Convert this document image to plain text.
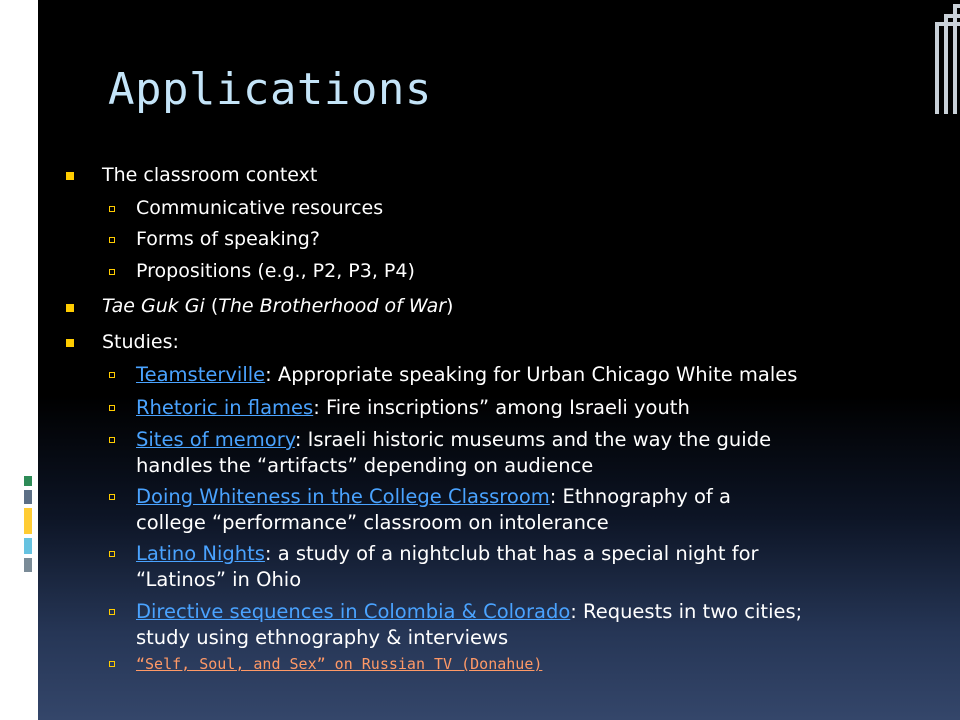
Applications
The classroom context
Communicative resources
Forms of speaking?
Propositions (e.g., P2, P3, P4)
Tae Guk Gi (The Brotherhood of War)
Studies:
Teamsterville: Appropriate speaking for Urban Chicago White males
Rhetoric in flames: Fire inscriptions” among Israeli youth
Sites of memory: Israeli historic museums and the way the guide
handles the “artifacts” depending on audience
Doing Whiteness in the College Classroom: Ethnography of a
college “performance” classroom on intolerance
Latino Nights: a study of a nightclub that has a special night for
“Latinos” in Ohio
Directive sequences in Colombia & Colorado: Requests in two cities;
study using ethnography & interviews
“Self, Soul, and Sex” on Russian TV (Donahue)
